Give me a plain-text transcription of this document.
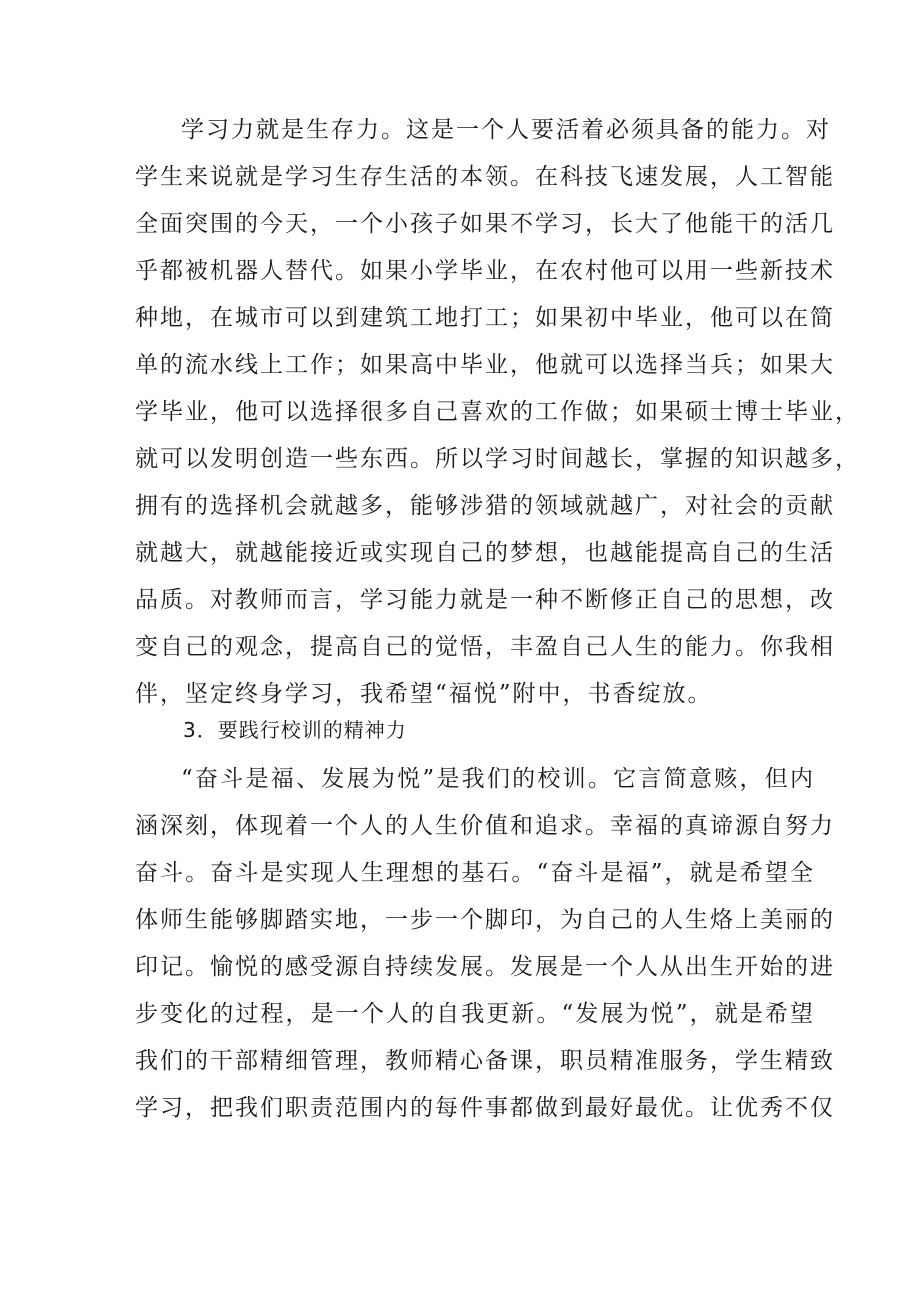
学习力就是生存力。这是一个人要活着必须具备的能力。对
学生来说就是学习生存生活的本领。在科技飞速发展，人工智能
全面突围的今天，一个小孩子如果不学习，长大了他能干的活几
乎都被机器人替代。如果小学毕业，在农村他可以用一些新技术
种地，在城市可以到建筑工地打工；如果初中毕业，他可以在简
单的流水线上工作；如果高中毕业，他就可以选择当兵；如果大
学毕业，他可以选择很多自己喜欢的工作做；如果硕士博士毕业，
就可以发明创造一些东西。所以学习时间越长，掌握的知识越多，
拥有的选择机会就越多，能够涉猎的领域就越广，对社会的贡献
就越大，就越能接近或实现自己的梦想，也越能提高自己的生活
品质。对教师而言，学习能力就是一种不断修正自己的思想，改
变自己的观念，提高自己的觉悟，丰盈自己人生的能力。你我相
伴，坚定终身学习，我希望“福悦”附中，书香绽放。
3．要践行校训的精神力
“奋斗是福、发展为悦”是我们的校训。它言简意赅，但内
涵深刻，体现着一个人的人生价值和追求。幸福的真谛源自努力
奋斗。奋斗是实现人生理想的基石。“奋斗是福”，就是希望全
体师生能够脚踏实地，一步一个脚印，为自己的人生烙上美丽的
印记。愉悦的感受源自持续发展。发展是一个人从出生开始的进
步变化的过程，是一个人的自我更新。“发展为悦”，就是希望
我们的干部精细管理，教师精心备课，职员精准服务，学生精致
学习，把我们职责范围内的每件事都做到最好最优。让优秀不仅
